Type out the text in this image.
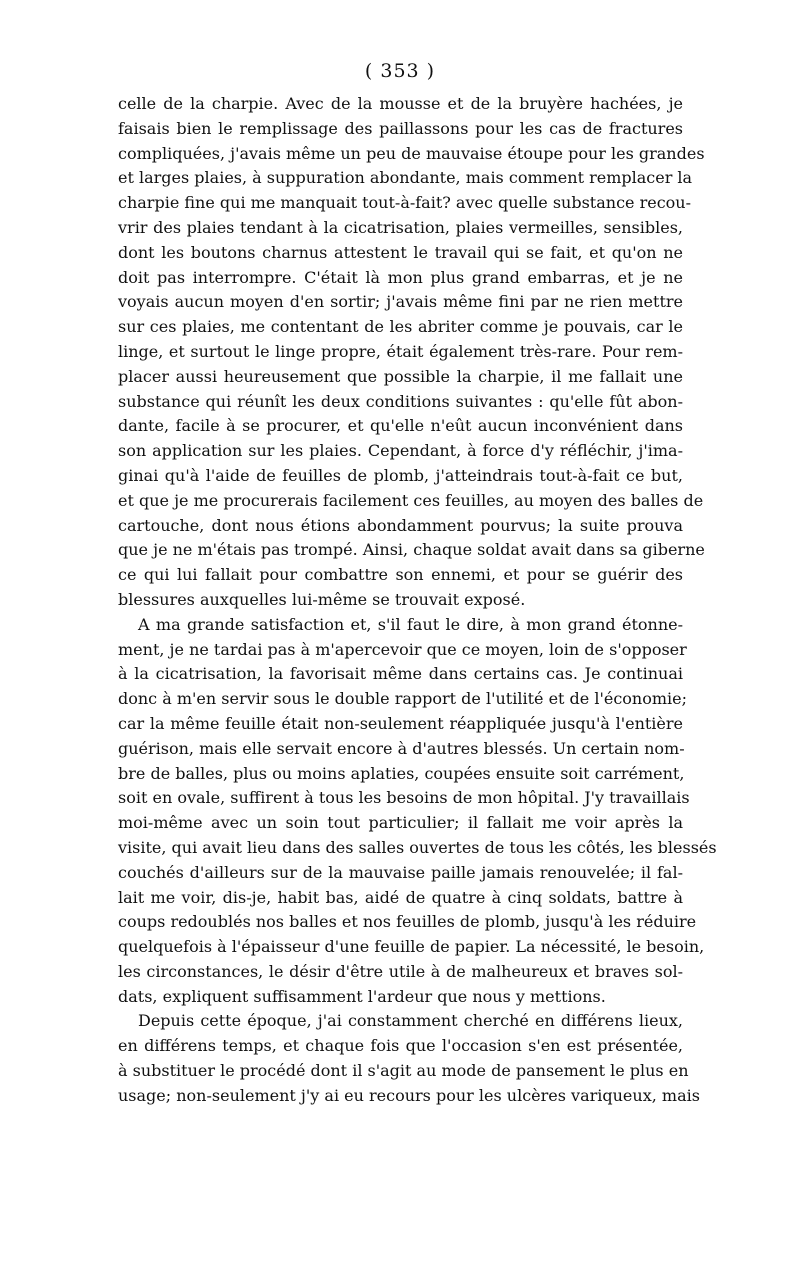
( 353 )
celle de la charpie. Avec de la mousse et de la bruyère hachées, je
faisais bien le remplissage des paillassons pour les cas de fractures
compliquées, j'avais même un peu de mauvaise étoupe pour les grandes
et larges plaies, à suppuration abondante, mais comment remplacer la
charpie fine qui me manquait tout-à-fait? avec quelle substance recou-
vrir des plaies tendant à la cicatrisation, plaies vermeilles, sensibles,
dont les boutons charnus attestent le travail qui se fait, et qu'on ne
doit pas interrompre. C'était là mon plus grand embarras, et je ne
voyais aucun moyen d'en sortir; j'avais même fini par ne rien mettre
sur ces plaies, me contentant de les abriter comme je pouvais, car le
linge, et surtout le linge propre, était également très-rare. Pour rem-
placer aussi heureusement que possible la charpie, il me fallait une
substance qui réunît les deux conditions suivantes : qu'elle fût abon-
dante, facile à se procurer, et qu'elle n'eût aucun inconvénient dans
son application sur les plaies. Cependant, à force d'y réfléchir, j'ima-
ginai qu'à l'aide de feuilles de plomb, j'atteindrais tout-à-fait ce but,
et que je me procurerais facilement ces feuilles, au moyen des balles de
cartouche, dont nous étions abondamment pourvus; la suite prouva
que je ne m'étais pas trompé. Ainsi, chaque soldat avait dans sa giberne
ce qui lui fallait pour combattre son ennemi, et pour se guérir des
blessures auxquelles lui-même se trouvait exposé.
A ma grande satisfaction et, s'il faut le dire, à mon grand étonne-
ment, je ne tardai pas à m'apercevoir que ce moyen, loin de s'opposer
à la cicatrisation, la favorisait même dans certains cas. Je continuai
donc à m'en servir sous le double rapport de l'utilité et de l'économie;
car la même feuille était non-seulement réappliquée jusqu'à l'entière
guérison, mais elle servait encore à d'autres blessés. Un certain nom-
bre de balles, plus ou moins aplaties, coupées ensuite soit carrément,
soit en ovale, suffirent à tous les besoins de mon hôpital. J'y travaillais
moi-même avec un soin tout particulier; il fallait me voir après la
visite, qui avait lieu dans des salles ouvertes de tous les côtés, les blessés
couchés d'ailleurs sur de la mauvaise paille jamais renouvelée; il fal-
lait me voir, dis-je, habit bas, aidé de quatre à cinq soldats, battre à
coups redoublés nos balles et nos feuilles de plomb, jusqu'à les réduire
quelquefois à l'épaisseur d'une feuille de papier. La nécessité, le besoin,
les circonstances, le désir d'être utile à de malheureux et braves sol-
dats, expliquent suffisamment l'ardeur que nous y mettions.
Depuis cette époque, j'ai constamment cherché en différens lieux,
en différens temps, et chaque fois que l'occasion s'en est présentée,
à substituer le procédé dont il s'agit au mode de pansement le plus en
usage; non-seulement j'y ai eu recours pour les ulcères variqueux, mais
